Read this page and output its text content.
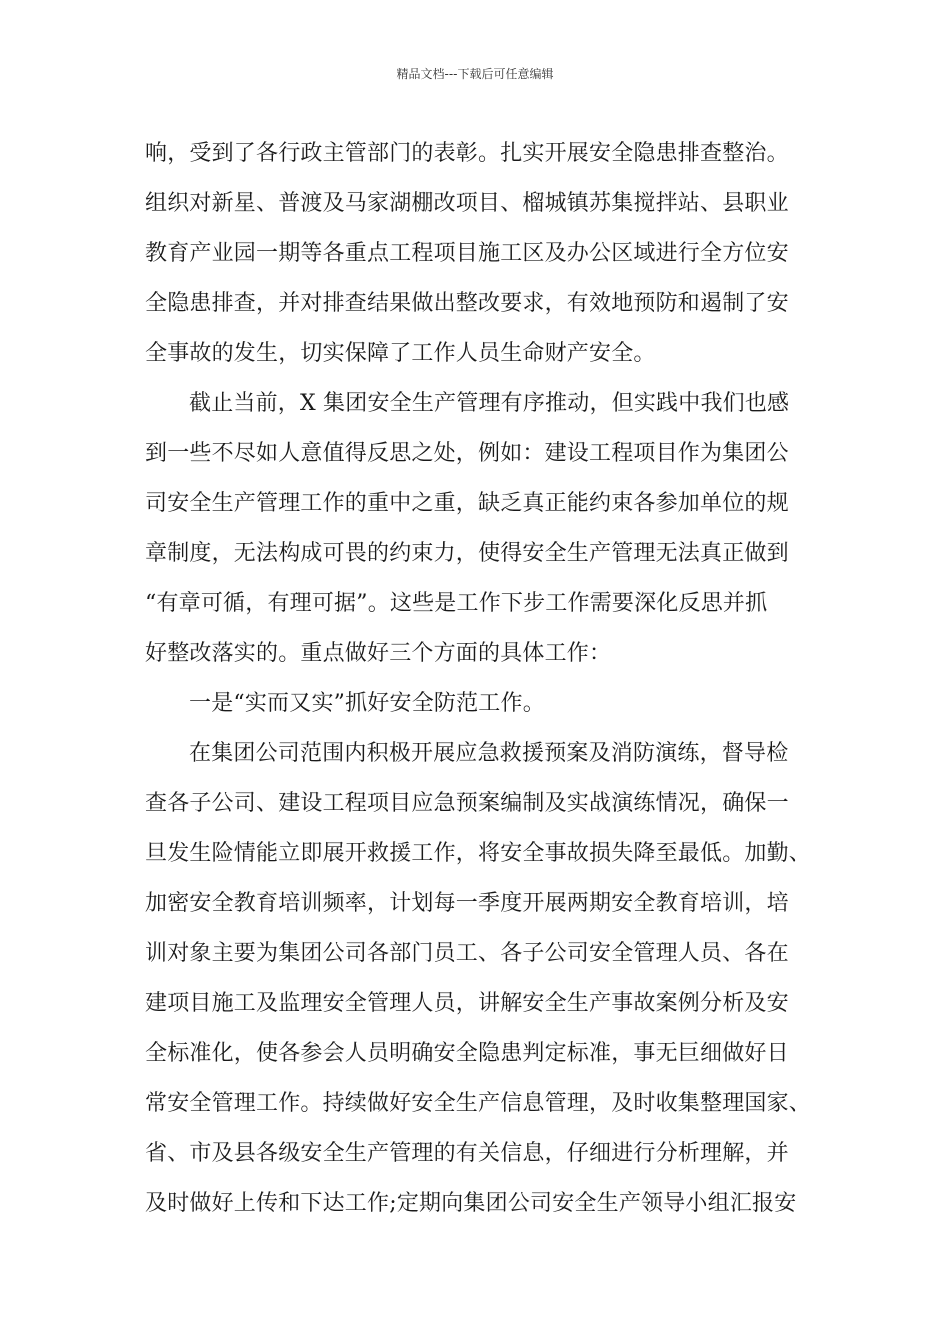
精品文档---下载后可任意编辑
响，受到了各行政主管部门的表彰。扎实开展安全隐患排查整治。
组织对新星、普渡及马家湖棚改项目、榴城镇苏集搅拌站、县职业
教育产业园一期等各重点工程项目施工区及办公区域进行全方位安
全隐患排查，并对排查结果做出整改要求，有效地预防和遏制了安
全事故的发生，切实保障了工作人员生命财产安全。
截止当前，X 集团安全生产管理有序推动，但实践中我们也感
到一些不尽如人意值得反思之处，例如：建设工程项目作为集团公
司安全生产管理工作的重中之重，缺乏真正能约束各参加单位的规
章制度，无法构成可畏的约束力，使得安全生产管理无法真正做到
“有章可循，有理可据”。这些是工作下步工作需要深化反思并抓
好整改落实的。重点做好三个方面的具体工作：
一是“实而又实”抓好安全防范工作。
在集团公司范围内积极开展应急救援预案及消防演练，督导检
查各子公司、建设工程项目应急预案编制及实战演练情况，确保一
旦发生险情能立即展开救援工作，将安全事故损失降至最低。加勤、
加密安全教育培训频率，计划每一季度开展两期安全教育培训，培
训对象主要为集团公司各部门员工、各子公司安全管理人员、各在
建项目施工及监理安全管理人员，讲解安全生产事故案例分析及安
全标准化，使各参会人员明确安全隐患判定标准，事无巨细做好日
常安全管理工作。持续做好安全生产信息管理，及时收集整理国家、
省、市及县各级安全生产管理的有关信息，仔细进行分析理解，并
及时做好上传和下达工作;定期向集团公司安全生产领导小组汇报安
